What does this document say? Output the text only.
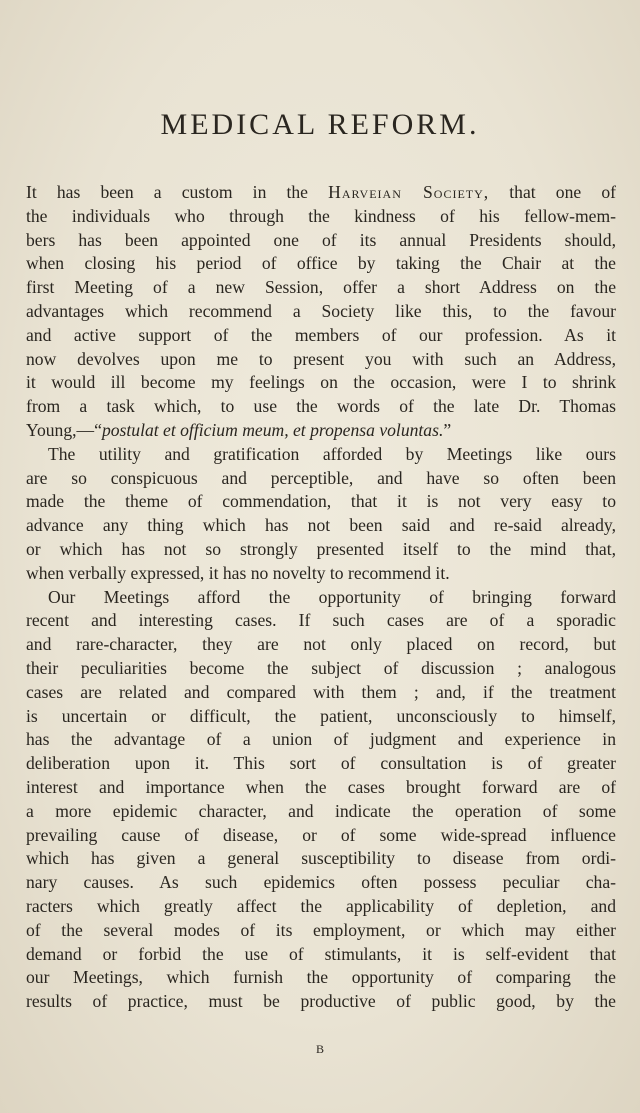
MEDICAL REFORM.
It has been a custom in the Harveian Society, that one of
the individuals who through the kindness of his fellow-mem-
bers has been appointed one of its annual Presidents should,
when closing his period of office by taking the Chair at the
first Meeting of a new Session, offer a short Address on the
advantages which recommend a Society like this, to the favour
and active support of the members of our profession. As it
now devolves upon me to present you with such an Address,
it would ill become my feelings on the occasion, were I to shrink
from a task which, to use the words of the late Dr. Thomas
Young,—“postulat et officium meum, et propensa voluntas.”
The utility and gratification afforded by Meetings like ours
are so conspicuous and perceptible, and have so often been
made the theme of commendation, that it is not very easy to
advance any thing which has not been said and re-said already,
or which has not so strongly presented itself to the mind that,
when verbally expressed, it has no novelty to recommend it.
Our Meetings afford the opportunity of bringing forward
recent and interesting cases. If such cases are of a sporadic
and rare-character, they are not only placed on record, but
their peculiarities become the subject of discussion ; analogous
cases are related and compared with them ; and, if the treatment
is uncertain or difficult, the patient, unconsciously to himself,
has the advantage of a union of judgment and experience in
deliberation upon it. This sort of consultation is of greater
interest and importance when the cases brought forward are of
a more epidemic character, and indicate the operation of some
prevailing cause of disease, or of some wide-spread influence
which has given a general susceptibility to disease from ordi-
nary causes. As such epidemics often possess peculiar cha-
racters which greatly affect the applicability of depletion, and
of the several modes of its employment, or which may either
demand or forbid the use of stimulants, it is self-evident that
our Meetings, which furnish the opportunity of comparing the
results of practice, must be productive of public good, by the

B
